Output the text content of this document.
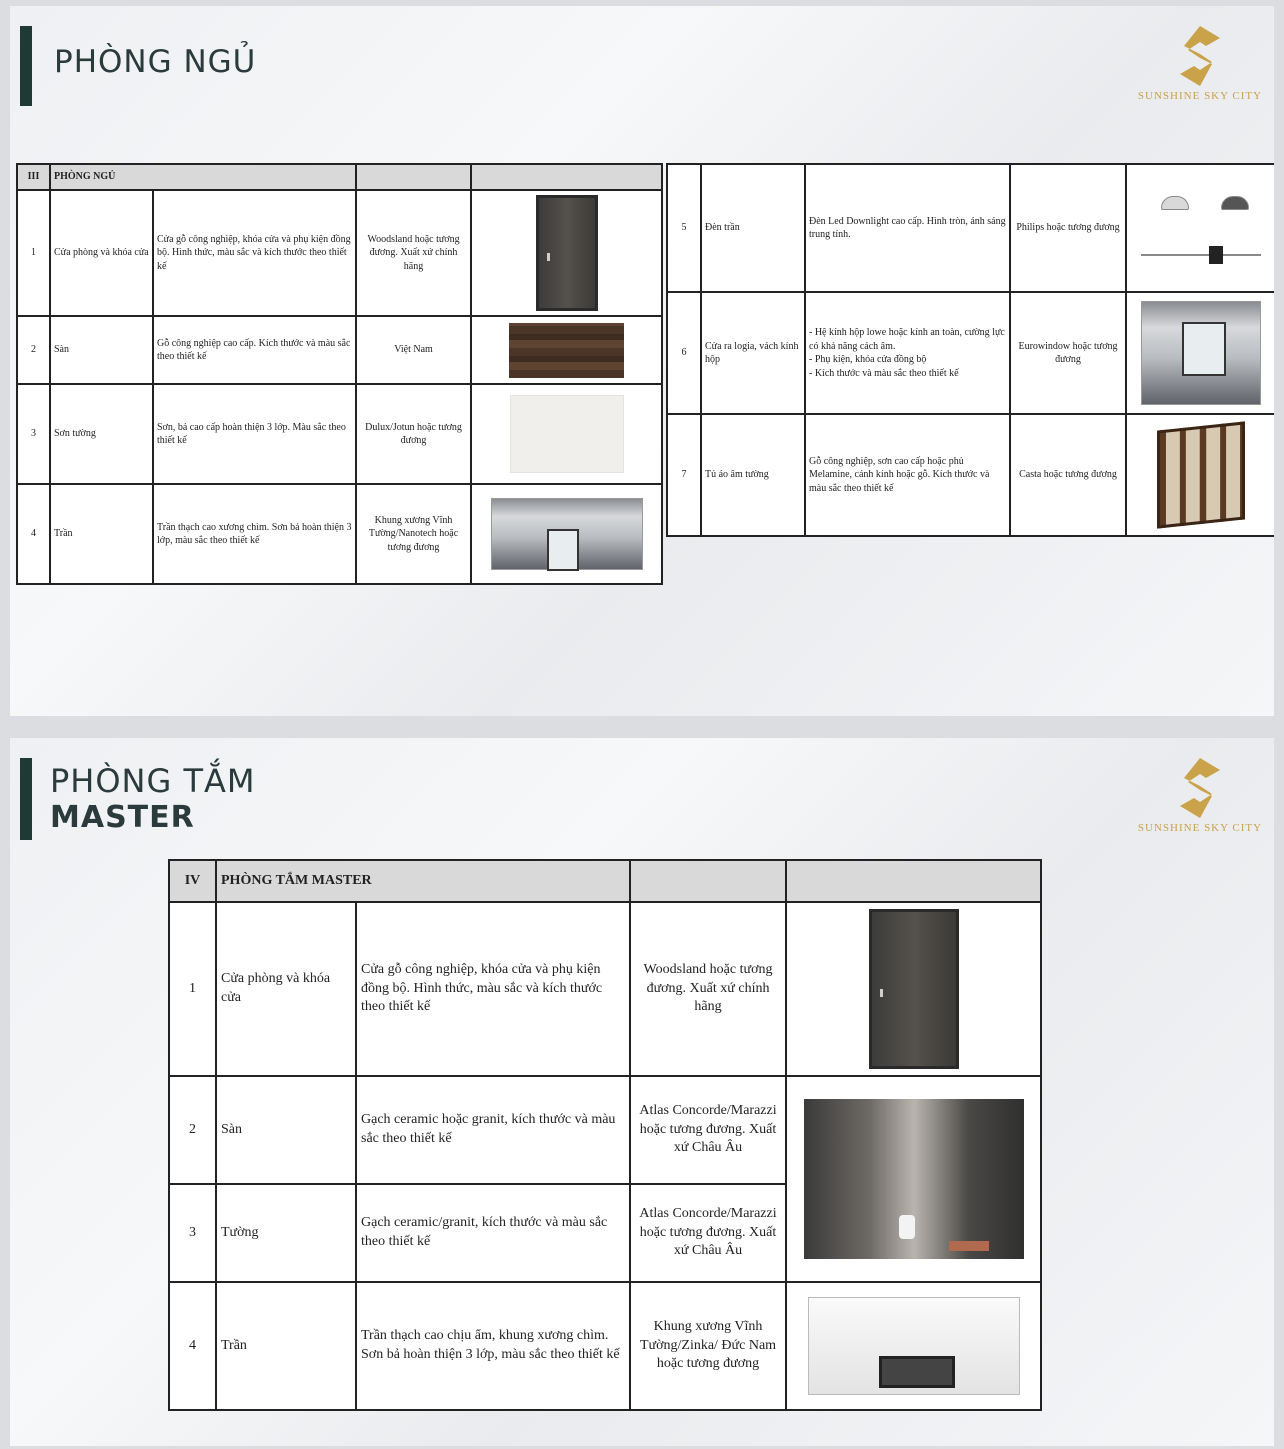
PHÒNG NGỦ
SUNSHINE SKY CITY
III	PHÒNG NGỦ			
1	Cửa phòng và khóa cửa	Cửa gỗ công nghiệp, khóa cửa và phụ kiện đồng bộ. Hình thức, màu sắc và kích thước theo thiết kế	Woodsland hoặc tương đương. Xuất xứ chính hãng	

2	Sàn	Gỗ công nghiệp cao cấp. Kích thước và màu sắc theo thiết kế	Việt Nam	

3	Sơn tường	Sơn, bả cao cấp hoàn thiện 3 lớp. Màu sắc theo thiết kế	Dulux/Jotun hoặc tương đương	

4	Trần	Trần thạch cao xương chìm. Sơn bả hoàn thiện 3 lớp, màu sắc theo thiết kế	Khung xương Vĩnh Tường/Nanotech hoặc tương đương	
5	Đèn trần	Đèn Led Downlight cao cấp. Hình tròn, ánh sáng trung tính.	Philips hoặc tương đương	

6	Cửa ra logia, vách kính hộp	- Hệ kính hộp lowe hoặc kính an toàn, cường lực có khả năng cách âm.
- Phụ kiện, khóa cửa đồng bộ
- Kích thước và màu sắc theo thiết kế	Eurowindow hoặc tương đương	

7	Tủ áo âm tường	Gỗ công nghiệp, sơn cao cấp hoặc phủ Melamine, cánh kính hoặc gỗ. Kích thước và màu sắc theo thiết kế	Casta hoặc tương đương	
PHÒNG TẮM
MASTER	SUNSHINE SKY CITY
IV	PHÒNG TẮM MASTER			
1	Cửa phòng và khóa cửa	Cửa gỗ công nghiệp, khóa cửa và phụ kiện đồng bộ. Hình thức, màu sắc và kích thước theo thiết kế	Woodsland hoặc tương đương. Xuất xứ chính hãng	

2	Sàn	Gạch ceramic hoặc granit, kích thước và màu sắc theo thiết kế	Atlas Concorde/Marazzi hoặc tương đương. Xuất xứ Châu Âu	

3	Tường	Gạch ceramic/granit, kích thước và màu sắc theo thiết kế	Atlas Concorde/Marazzi hoặc tương đương. Xuất xứ Châu Âu	
4	Trần	Trần thạch cao chịu ẩm, khung xương chìm. Sơn bả hoàn thiện 3 lớp, màu sắc theo thiết kế	Khung xương Vĩnh Tường/Zinka/ Đức Nam hoặc tương đương	
